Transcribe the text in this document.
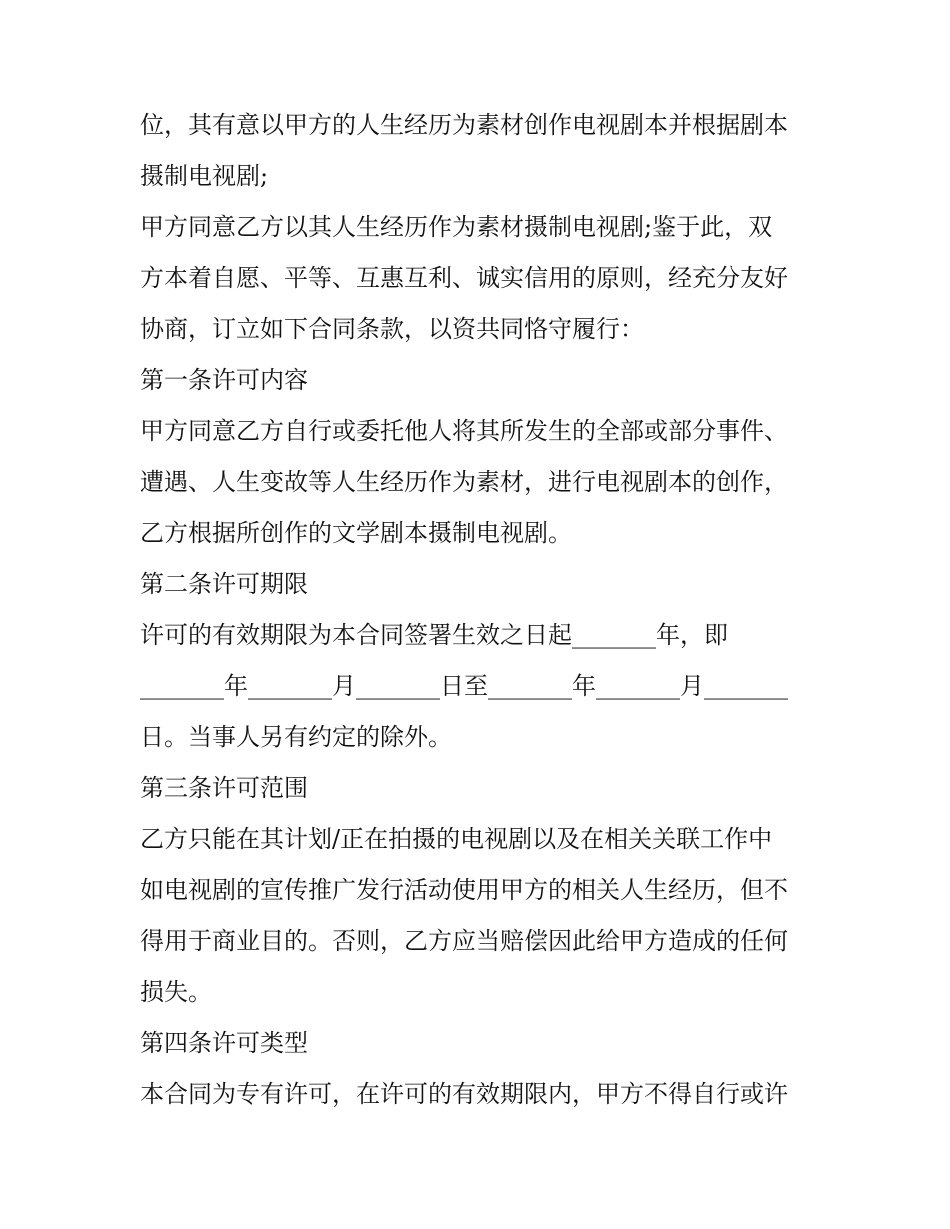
位，其有意以甲方的人生经历为素材创作电视剧本并根据剧本
摄制电视剧;
甲方同意乙方以其人生经历作为素材摄制电视剧;鉴于此，双
方本着自愿、平等、互惠互利、诚实信用的原则，经充分友好
协商，订立如下合同条款，以资共同恪守履行：
第一条许可内容
甲方同意乙方自行或委托他人将其所发生的全部或部分事件、
遭遇、人生变故等人生经历作为素材，进行电视剧本的创作，
乙方根据所创作的文学剧本摄制电视剧。
第二条许可期限
许可的有效期限为本合同签署生效之日起_______年，即
_______年_______月_______日至_______年_______月_______
日。当事人另有约定的除外。
第三条许可范围
乙方只能在其计划/正在拍摄的电视剧以及在相关关联工作中
如电视剧的宣传推广发行活动使用甲方的相关人生经历，但不
得用于商业目的。否则，乙方应当赔偿因此给甲方造成的任何
损失。
第四条许可类型
本合同为专有许可，在许可的有效期限内，甲方不得自行或许
